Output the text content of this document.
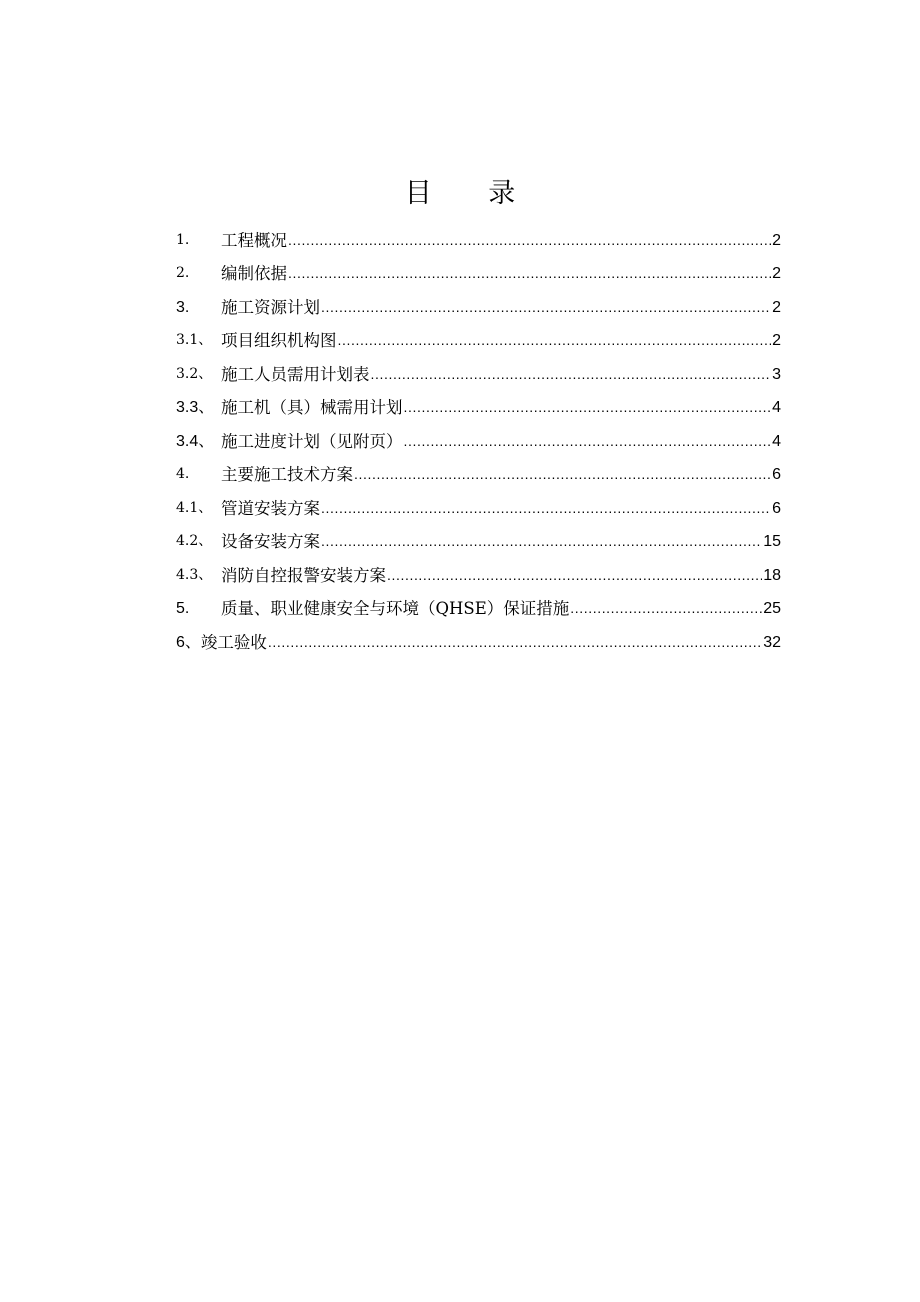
目 录
1.	工程概况 .....	2
2.	编制依据 .....	2
3.	施工资源计划 .....	2
3.1、 项目组织机构图 .....	2
3.2、 施工人员需用计划表 .....	3
3.3、 施工机（具）械需用计划 .....	4
3.4、 施工进度计划（见附页） .....	4
4.	主要施工技术方案 .....	6
4.1、 管道安装方案 .....	6
4.2、 设备安装方案 .....	15
4.3、 消防自控报警安装方案 .....	18
5.	质量、职业健康安全与环境（QHSE）保证措施 .....	25
6、 竣工验收 .....	32
